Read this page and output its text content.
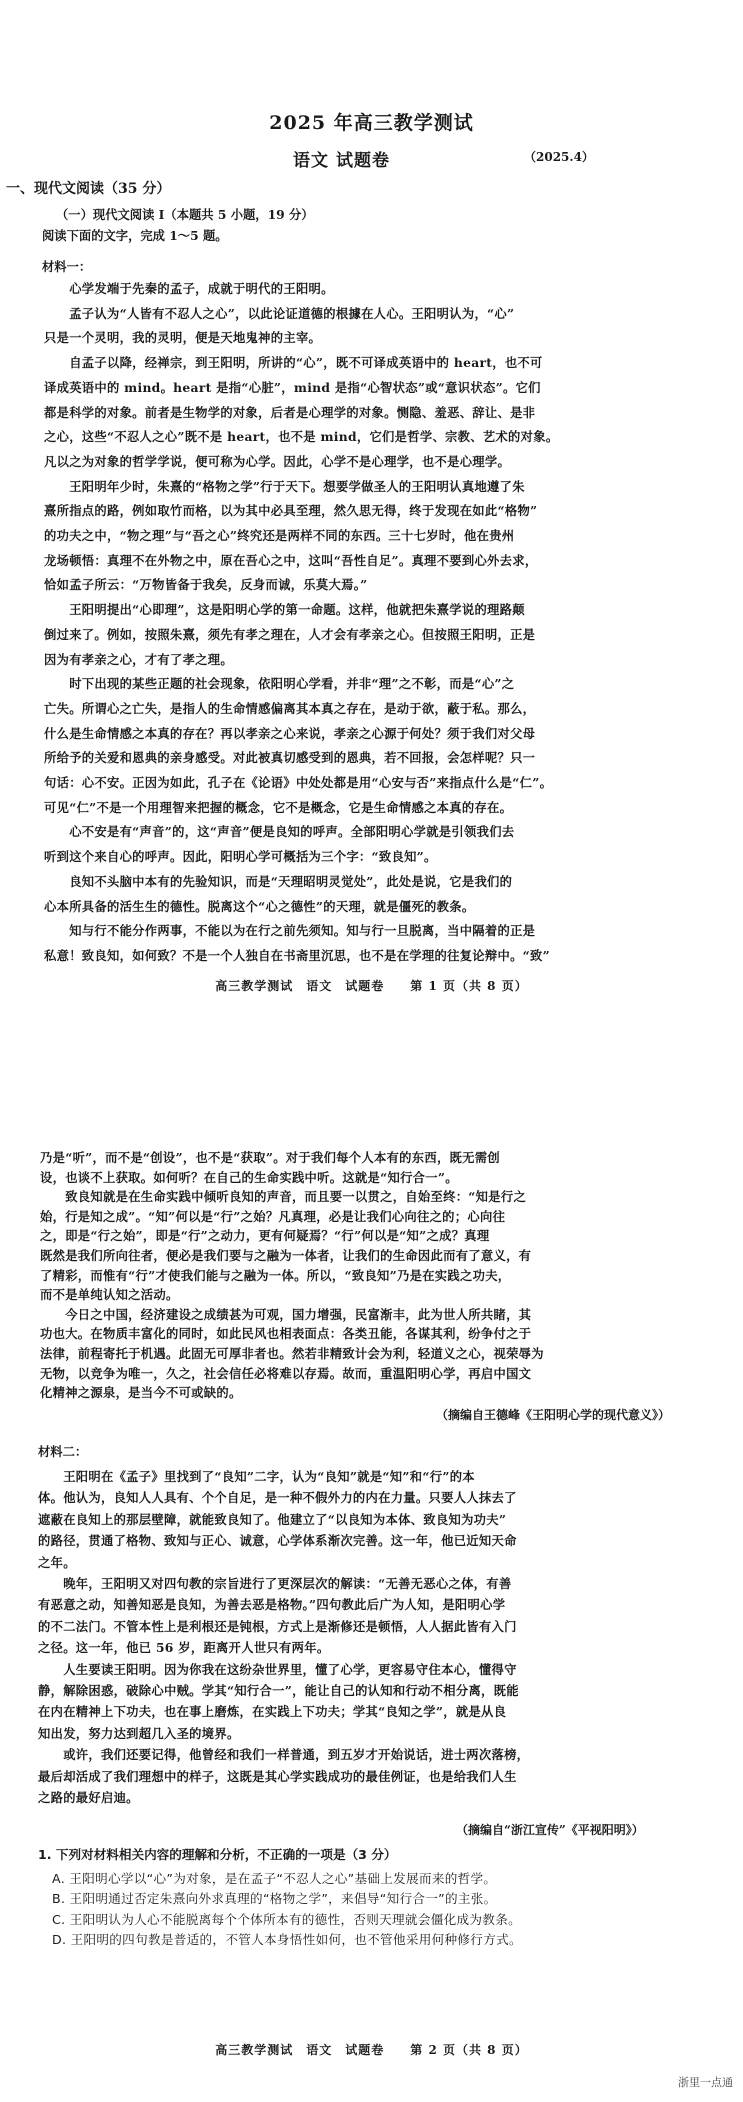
2025 年高三教学测试
语文 试题卷	（2025.4）
一、现代文阅读（35 分）
（一）现代文阅读 I（本题共 5 小题，19 分）
阅读下面的文字，完成 1～5 题。
材料一：
　　心学发端于先秦的孟子，成就于明代的王阳明。
　　孟子认为“人皆有不忍人之心”，以此论证道德的根據在人心。王阳明认为，“心”
只是一个灵明，我的灵明，便是天地鬼神的主宰。
　　自孟子以降，经禅宗，到王阳明，所讲的“心”，既不可译成英语中的 heart，也不可
译成英语中的 mind。heart 是指“心脏”，mind 是指“心智状态”或“意识状态”。它们
都是科学的对象。前者是生物学的对象，后者是心理学的对象。恻隐、羞恶、辞让、是非
之心，这些“不忍人之心”既不是 heart，也不是 mind，它们是哲学、宗教、艺术的对象。
凡以之为对象的哲学学说，便可称为心学。因此，心学不是心理学，也不是心理学。
　　王阳明年少时，朱熹的“格物之学”行于天下。想要学做圣人的王阳明认真地遵了朱
熹所指点的路，例如取竹而格，以为其中必具至理，然久思无得，终于发现在如此“格物”
的功夫之中，“物之理”与“吾之心”终究还是两样不同的东西。三十七岁时，他在贵州
龙场顿悟：真理不在外物之中，原在吾心之中，这叫“吾性自足”。真理不要到心外去求，
恰如孟子所云：“万物皆备于我矣，反身而诚，乐莫大焉。”
　　王阳明提出“心即理”，这是阳明心学的第一命题。这样，他就把朱熹学说的理路颠
倒过来了。例如，按照朱熹，须先有孝之理在，人才会有孝亲之心。但按照王阳明，正是
因为有孝亲之心，才有了孝之理。
　　时下出现的某些正题的社会现象，依阳明心学看，并非“理”之不彰，而是“心”之
亡失。所谓心之亡失，是指人的生命情感偏离其本真之存在，是动于欲，蔽于私。那么，
什么是生命情感之本真的存在？再以孝亲之心来说，孝亲之心源于何处？须于我们对父母
所给予的关爱和恩典的亲身感受。对此被真切感受到的恩典，若不回报，会怎样呢？只一
句话：心不安。正因为如此，孔子在《论语》中处处都是用“心安与否”来指点什么是“仁”。
可见“仁”不是一个用理智来把握的概念，它不是概念，它是生命情感之本真的存在。
　　心不安是有“声音”的，这“声音”便是良知的呼声。全部阳明心学就是引领我们去
听到这个来自心的呼声。因此，阳明心学可概括为三个字：“致良知”。
　　良知不头脑中本有的先验知识，而是“天理昭明灵觉处”，此处是说，它是我们的
心本所具备的活生生的德性。脱离这个“心之德性”的天理，就是僵死的教条。
　　知与行不能分作两事，不能以为在行之前先须知。知与行一旦脱离，当中隔着的正是
私意！致良知，如何致？不是一个人独自在书斋里沉思，也不是在学理的往复论辩中。“致”
高三教学测试　语文　试题卷　　第 1 页（共 8 页）
乃是“听”，而不是“创设”，也不是“获取”。对于我们每个人本有的东西，既无需创
设，也谈不上获取。如何听？在自己的生命实践中听。这就是“知行合一”。
　　致良知就是在生命实践中倾听良知的声音，而且要一以贯之，自始至终：“知是行之
始，行是知之成”。“知”何以是“行”之始？凡真理，必是让我们心向往之的；心向往
之，即是“行之始”，即是“行”之动力，更有何疑焉？“行”何以是“知”之成？真理
既然是我们所向往者，便必是我们要与之融为一体者，让我们的生命因此而有了意义，有
了精彩，而惟有“行”才使我们能与之融为一体。所以，“致良知”乃是在实践之功夫，
而不是单纯认知之活动。
　　今日之中国，经济建设之成绩甚为可观，国力增强，民富渐丰，此为世人所共睹，其
功也大。在物质丰富化的同时，如此民风也相表面点：各类丑能，各谋其利，纷争付之于
法律，前程寄托于机遇。此固无可厚非者也。然若非精致计会为利，轻道义之心，视荣辱为
无物，以竞争为唯一，久之，社会信任必将难以存焉。故而，重温阳明心学，再启中国文
化精神之源泉，是当今不可或缺的。
（摘编自王德峰《王阳明心学的现代意义》）
材料二：
　　王阳明在《孟子》里找到了“良知”二字，认为“良知”就是“知”和“行”的本
体。他认为，良知人人具有、个个自足，是一种不假外力的内在力量。只要人人抹去了
遮蔽在良知上的那层壁障，就能致良知了。他建立了“以良知为本体、致良知为功夫”
的路径，贯通了格物、致知与正心、诚意，心学体系渐次完善。这一年，他已近知天命
之年。
　　晚年，王阳明又对四句教的宗旨进行了更深层次的解读：“无善无恶心之体，有善
有恶意之动，知善知恶是良知，为善去恶是格物。”四句教此后广为人知，是阳明心学
的不二法门。不管本性上是利根还是钝根，方式上是渐修还是顿悟，人人据此皆有入门
之径。这一年，他已 56 岁，距离开人世只有两年。
　　人生要读王阳明。因为你我在这纷杂世界里，懂了心学，更容易守住本心，懂得守
静，解除困惑，破除心中贼。学其“知行合一”，能让自己的认知和行动不相分离，既能
在内在精神上下功夫，也在事上磨炼，在实践上下功夫；学其“良知之学”，就是从良
知出发，努力达到超几入圣的境界。
　　或许，我们还要记得，他曾经和我们一样普通，到五岁才开始说话，进士两次落榜，
最后却活成了我们理想中的样子，这既是其心学实践成功的最佳例证，也是给我们人生
之路的最好启迪。
（摘编自“浙江宣传”《平视阳明》）
1. 下列对材料相关内容的理解和分析，不正确的一项是（3 分）
A. 王阳明心学以“心”为对象，是在孟子“不忍人之心”基础上发展而来的哲学。
B. 王阳明通过否定朱熹向外求真理的“格物之学”，来倡导“知行合一”的主张。
C. 王阳明认为人心不能脱离每个个体所本有的德性，否则天理就会僵化成为教条。
D. 王阳明的四句教是普适的，不管人本身悟性如何，也不管他采用何种修行方式。
高三教学测试　语文　试题卷　　第 2 页（共 8 页）
浙里一点通
